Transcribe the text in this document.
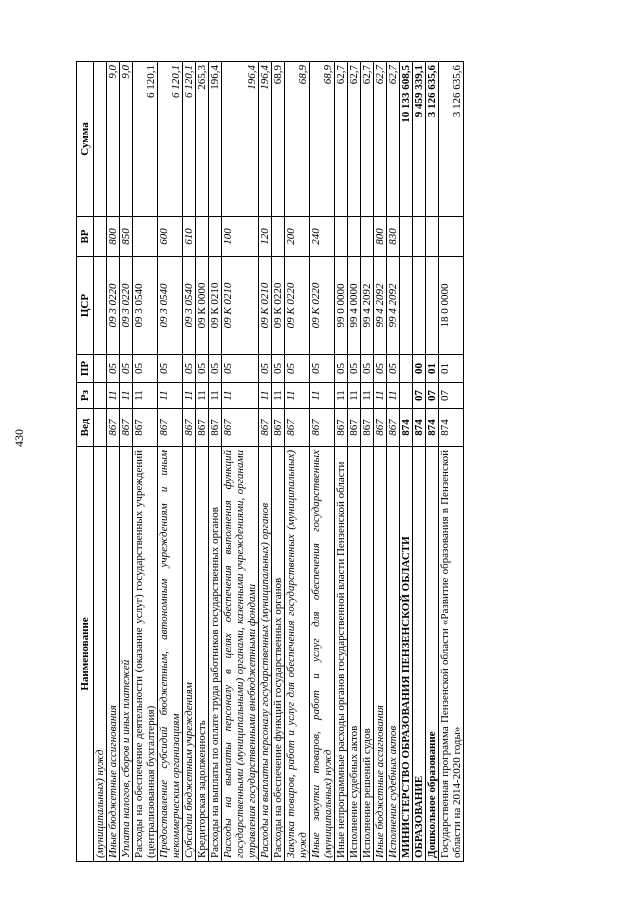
430
Наименование	Вед	Рз	ПР	ЦСР	ВР	Сумма
(муниципальных) нужд						
Иные бюджетные ассигнования	867	11	05	09 3 0220	800	9,0
Уплата налогов, сборов и иных платежей	867	11	05	09 3 0220	850	9,0
Расходы на обеспечение деятельности (оказание услуг) государственных учреждений (централизованная бухгалтерия)	867	11	05	09 3 0540		6 120,1
Предоставление субсидий бюджетным, автономным учреждениям и иным некоммерческим организациям	867	11	05	09 3 0540	600	6 120,1
Субсидии бюджетным учреждениям	867	11	05	09 3 0540	610	6 120,1
Кредиторская задолженность	867	11	05	09 К 0000		265,3
Расходы на выплаты по оплате труда работников государственных органов	867	11	05	09 К 0210		196,4
Расходы на выплаты персоналу в целях обеспечения выполнения функций государственными (муниципальными) органами, казенными учреждениями, органами управления государственными внебюджетными фондами	867	11	05	09 К 0210	100	196,4
Расходы на выплаты персоналу государственных (муниципальных) органов	867	11	05	09 К 0210	120	196,4
Расходы на обеспечение функций государственных органов	867	11	05	09 К 0220		68,9
Закупка товаров, работ и услуг для обеспечения государственных (муниципальных) нужд	867	11	05	09 К 0220	200	68,9
Иные закупки товаров, работ и услуг для обеспечения государственных (муниципальных) нужд	867	11	05	09 К 0220	240	68,9
Иные непрограммные расходы органов государственной власти Пензенской области	867	11	05	99 0 0000		62,7
Исполнение судебных актов	867	11	05	99 4 0000		62,7
Исполнение решений судов	867	11	05	99 4 2092		62,7
Иные бюджетные ассигнования	867	11	05	99 4 2092	800	62,7
Исполнение судебных актов	867	11	05	99 4 2092	830	62,7
МИНИСТЕРСТВО ОБРАЗОВАНИЯ ПЕНЗЕНСКОЙ ОБЛАСТИ	874					10 133 608,5
ОБРАЗОВАНИЕ	874	07	00			9 459 339,1
Дошкольное образование	874	07	01			3 126 635,6
Государственная программа Пензенской области «Развитие образования в Пензенской области на 2014-2020 годы»	874	07	01	18 0 0000		3 126 635,6
